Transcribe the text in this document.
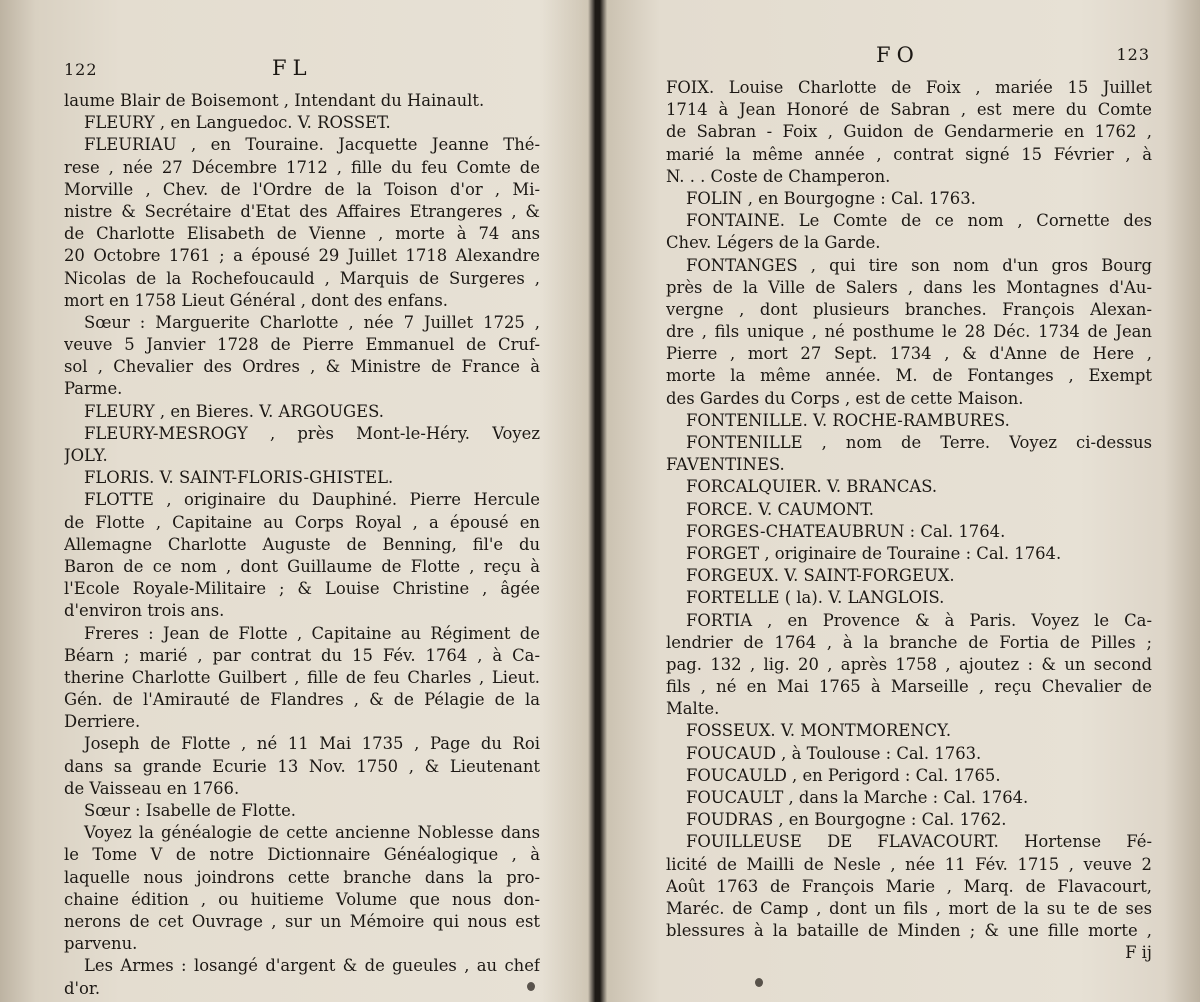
122	FL
laume Blair de Boisemont , Intendant du Hainault.
FLEURY , en Languedoc. V. ROSSET.
FLEURIAU , en Touraine. Jacquette Jeanne Thé-
rese , née 27 Décembre 1712 , fille du feu Comte de
Morville , Chev. de l'Ordre de la Toison d'or , Mi-
nistre & Secrétaire d'Etat des Affaires Etrangeres , &
de Charlotte Elisabeth de Vienne , morte à 74 ans
20 Octobre 1761 ; a épousé 29 Juillet 1718 Alexandre
Nicolas de la Rochefoucauld , Marquis de Surgeres ,
mort en 1758 Lieut Général , dont des enfans.
Sœur : Marguerite Charlotte , née 7 Juillet 1725 ,
veuve 5 Janvier 1728 de Pierre Emmanuel de Cruf-
sol , Chevalier des Ordres , & Ministre de France à
Parme.
FLEURY , en Bieres. V. ARGOUGES.
FLEURY-MESROGY , près Mont-le-Héry. Voyez
JOLY.
FLORIS. V. SAINT-FLORIS-GHISTEL.
FLOTTE , originaire du Dauphiné. Pierre Hercule
de Flotte , Capitaine au Corps Royal , a épousé en
Allemagne Charlotte Auguste de Benning, fil'e du
Baron de ce nom , dont Guillaume de Flotte , reçu à
l'Ecole Royale-Militaire ; & Louise Christine , âgée
d'environ trois ans.
Freres : Jean de Flotte , Capitaine au Régiment de
Béarn ; marié , par contrat du 15 Fév. 1764 , à Ca-
therine Charlotte Guilbert , fille de feu Charles , Lieut.
Gén. de l'Amirauté de Flandres , & de Pélagie de la
Derriere.
Joseph de Flotte , né 11 Mai 1735 , Page du Roi
dans sa grande Ecurie 13 Nov. 1750 , & Lieutenant
de Vaisseau en 1766.
Sœur : Isabelle de Flotte.
Voyez la généalogie de cette ancienne Noblesse dans
le Tome V de notre Dictionnaire Généalogique , à
laquelle nous joindrons cette branche dans la pro-
chaine édition , ou huitieme Volume que nous don-
nerons de cet Ouvrage , sur un Mémoire qui nous est
parvenu.
Les Armes : losangé d'argent & de gueules , au chef
d'or.
FO	123
FOIX. Louise Charlotte de Foix , mariée 15 Juillet
1714 à Jean Honoré de Sabran , est mere du Comte
de Sabran - Foix , Guidon de Gendarmerie en 1762 ,
marié la même année , contrat signé 15 Février , à
N. . . Coste de Champeron.
FOLIN , en Bourgogne : Cal. 1763.
FONTAINE. Le Comte de ce nom , Cornette des
Chev. Légers de la Garde.
FONTANGES , qui tire son nom d'un gros Bourg
près de la Ville de Salers , dans les Montagnes d'Au-
vergne , dont plusieurs branches. François Alexan-
dre , fils unique , né posthume le 28 Déc. 1734 de Jean
Pierre , mort 27 Sept. 1734 , & d'Anne de Here ,
morte la même année. M. de Fontanges , Exempt
des Gardes du Corps , est de cette Maison.
FONTENILLE. V. ROCHE-RAMBURES.
FONTENILLE , nom de Terre. Voyez ci-dessus
FAVENTINES.
FORCALQUIER. V. BRANCAS.
FORCE. V. CAUMONT.
FORGES-CHATEAUBRUN : Cal. 1764.
FORGET , originaire de Touraine : Cal. 1764.
FORGEUX. V. SAINT-FORGEUX.
FORTELLE ( la). V. LANGLOIS.
FORTIA , en Provence & à Paris. Voyez le Ca-
lendrier de 1764 , à la branche de Fortia de Pilles ;
pag. 132 , lig. 20 , après 1758 , ajoutez : & un second
fils , né en Mai 1765 à Marseille , reçu Chevalier de
Malte.
FOSSEUX. V. MONTMORENCY.
FOUCAUD , à Toulouse : Cal. 1763.
FOUCAULD , en Perigord : Cal. 1765.
FOUCAULT , dans la Marche : Cal. 1764.
FOUDRAS , en Bourgogne : Cal. 1762.
FOUILLEUSE DE FLAVACOURT. Hortense Fé-
licité de Mailli de Nesle , née 11 Fév. 1715 , veuve 2
Août 1763 de François Marie , Marq. de Flavacourt,
Maréc. de Camp , dont un fils , mort de la su te de ses
blessures à la bataille de Minden ; & une fille morte ,
F ij
